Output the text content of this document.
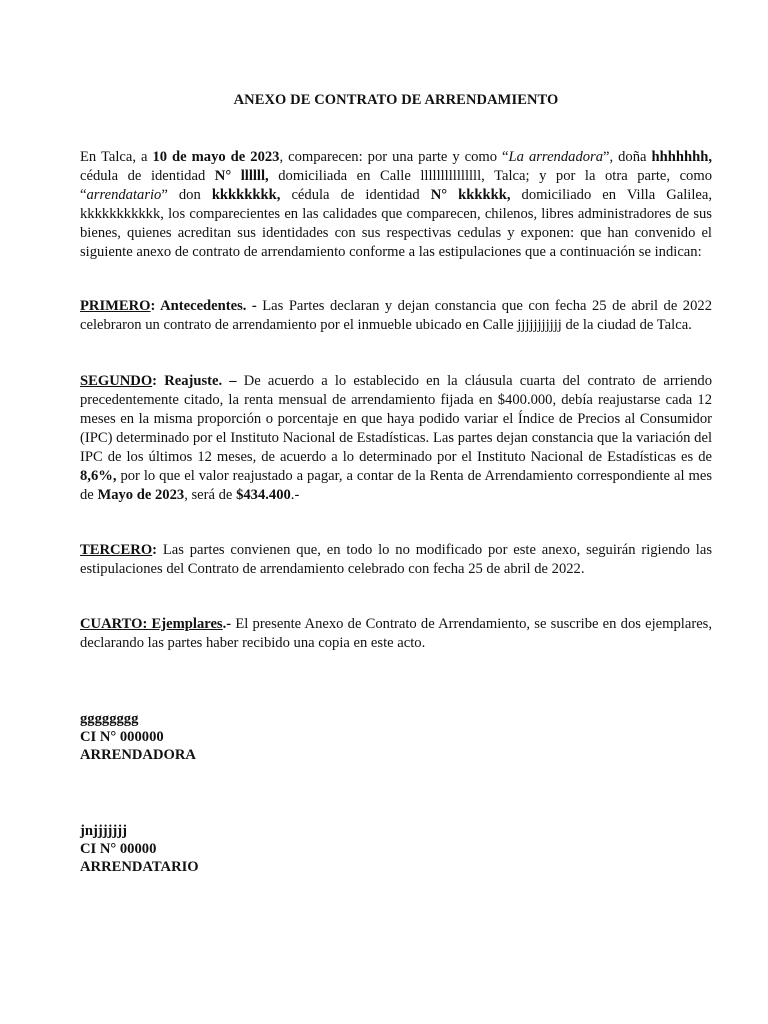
ANEXO DE CONTRATO DE ARRENDAMIENTO
En Talca, a 10 de mayo de 2023, comparecen: por una parte y como “La arrendadora”, doña hhhhhhh, cédula de identidad N° llllll, domiciliada en Calle lllllllllllllll, Talca; y por la otra parte, como “arrendatario” don kkkkkkkk, cédula de identidad N° kkkkkk, domiciliado en Villa Galilea, kkkkkkkkkkk, los comparecientes en las calidades que comparecen, chilenos, libres administradores de sus bienes, quienes acreditan sus identidades con sus respectivas cedulas y exponen: que han convenido el siguiente anexo de contrato de arrendamiento conforme a las estipulaciones que a continuación se indican:
PRIMERO: Antecedentes. - Las Partes declaran y dejan constancia que con fecha 25 de abril de 2022 celebraron un contrato de arrendamiento por el inmueble ubicado en Calle jjjjjjjjjjj de la ciudad de Talca.
SEGUNDO: Reajuste. – De acuerdo a lo establecido en la cláusula cuarta del contrato de arriendo precedentemente citado, la renta mensual de arrendamiento fijada en $400.000, debía reajustarse cada 12 meses en la misma proporción o porcentaje en que haya podido variar el Índice de Precios al Consumidor (IPC) determinado por el Instituto Nacional de Estadísticas. Las partes dejan constancia que la variación del IPC de los últimos 12 meses, de acuerdo a lo determinado por el Instituto Nacional de Estadísticas es de 8,6%, por lo que el valor reajustado a pagar, a contar de la Renta de Arrendamiento correspondiente al mes de Mayo de 2023, será de $434.400.-
TERCERO: Las partes convienen que, en todo lo no modificado por este anexo, seguirán rigiendo las estipulaciones del Contrato de arrendamiento celebrado con fecha 25 de abril de 2022.
CUARTO: Ejemplares.- El presente Anexo de Contrato de Arrendamiento, se suscribe en dos ejemplares, declarando las partes haber recibido una copia en este acto.
gggggggg
CI N° 000000
ARRENDADORA
jnjjjjjjj
CI N° 00000
ARRENDATARIO
